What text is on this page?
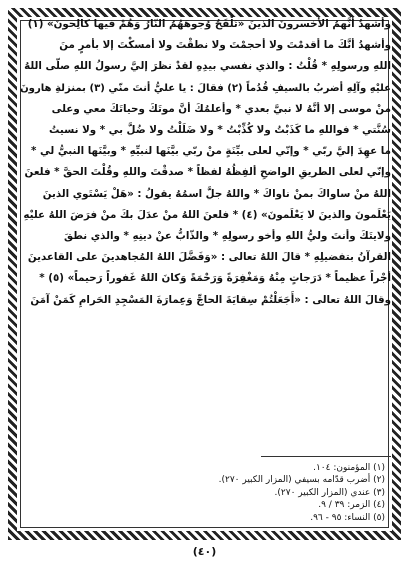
وأشهدُ أنَّهمُ الأخسرونَ الذينَ «تَلْفَحُ وُجوهَهُمُ النّارُ وَهُمْ فيها كالِحونَ» (١)
وأشهدُ أنَّكَ ما أقدمْتَ ولا أحجمْتَ ولا نطقْتَ ولا أمسكْتَ إلا بأمرٍ منَ
اللهِ ورسولِهِ * قُلْتُ : والذي نفسي بيدِهِ لقدْ نظرَ إليَّ رسولُ اللهِ صلّى اللهُ
عليْهِ وآلِهِ أضربُ بالسيفِ قُدُماً (٢) فقالَ : يا عليُّ أنتَ منّي (٣) بمنزلةِ هارونَ
منْ موسى إلا أنَّهُ لا نبيَّ بعدي * وأعلمُكَ أنَّ موتَكَ وحياتَكَ معي وعلى
سُنَّتي * فواللهِ ما كَذَبْتُ ولا كُذِّبْتُ * ولا ضَلَلْتُ ولا ضُلَّ بي * ولا نسيتُ
ما عهِدَ إليَّ ربّي * وإنّي لعلى بيِّنَةٍ منْ ربّي بيَّنَها لنبيِّهِ * وبيَّنَها النبيُّ لي *
وإنّي لعلى الطريقِ الواضحِ ألفِظُهُ لفظاً * صدقْتَ واللهِ وقُلْتَ الحقَّ * فلعنَ
اللهُ منْ ساواكَ بمنْ ناواكَ * واللهُ جلَّ اسمُهُ يقولُ : «هَلْ يَسْتَوي الذينَ
يَعْلَمونَ والذينَ لا يَعْلَمونَ» (٤) * فلعنَ اللهُ منْ عدَلَ بكَ منْ فرَضَ اللهُ عليْهِ
ولايتَكَ وأنتَ وليُّ اللهِ وأخو رسولِهِ * والذّابُّ عنْ دينِهِ * والذي نطقَ
القرآنُ بتفضيلِهِ * قالَ اللهُ تعالى : «وَفَضَّلَ اللهُ المُجاهدينَ على القاعدينَ
أجْراً عظيماً * دَرَجاتٍ مِنْهُ وَمَغْفِرَةً وَرَحْمَةً وَكانَ اللهُ غَفوراً رَحيماً» (٥) *
وقالَ اللهُ تعالى : «أَجَعَلْتُمْ سِقايَةَ الحاجِّ وَعِمارَةَ المَسْجِدِ الحَرامِ كَمَنْ آمَنَ
(١) المؤمنون: ١٠٤.
(٢) أضرب قدّامه بسيفي (المزار الكبير ٢٧٠).
(٣) عندي (المزار الكبير ٢٧٠).
(٤) الزمر: ٣٩ / ٩.
(٥) النساء: ٩٥ - ٩٦.
(٤٠)
